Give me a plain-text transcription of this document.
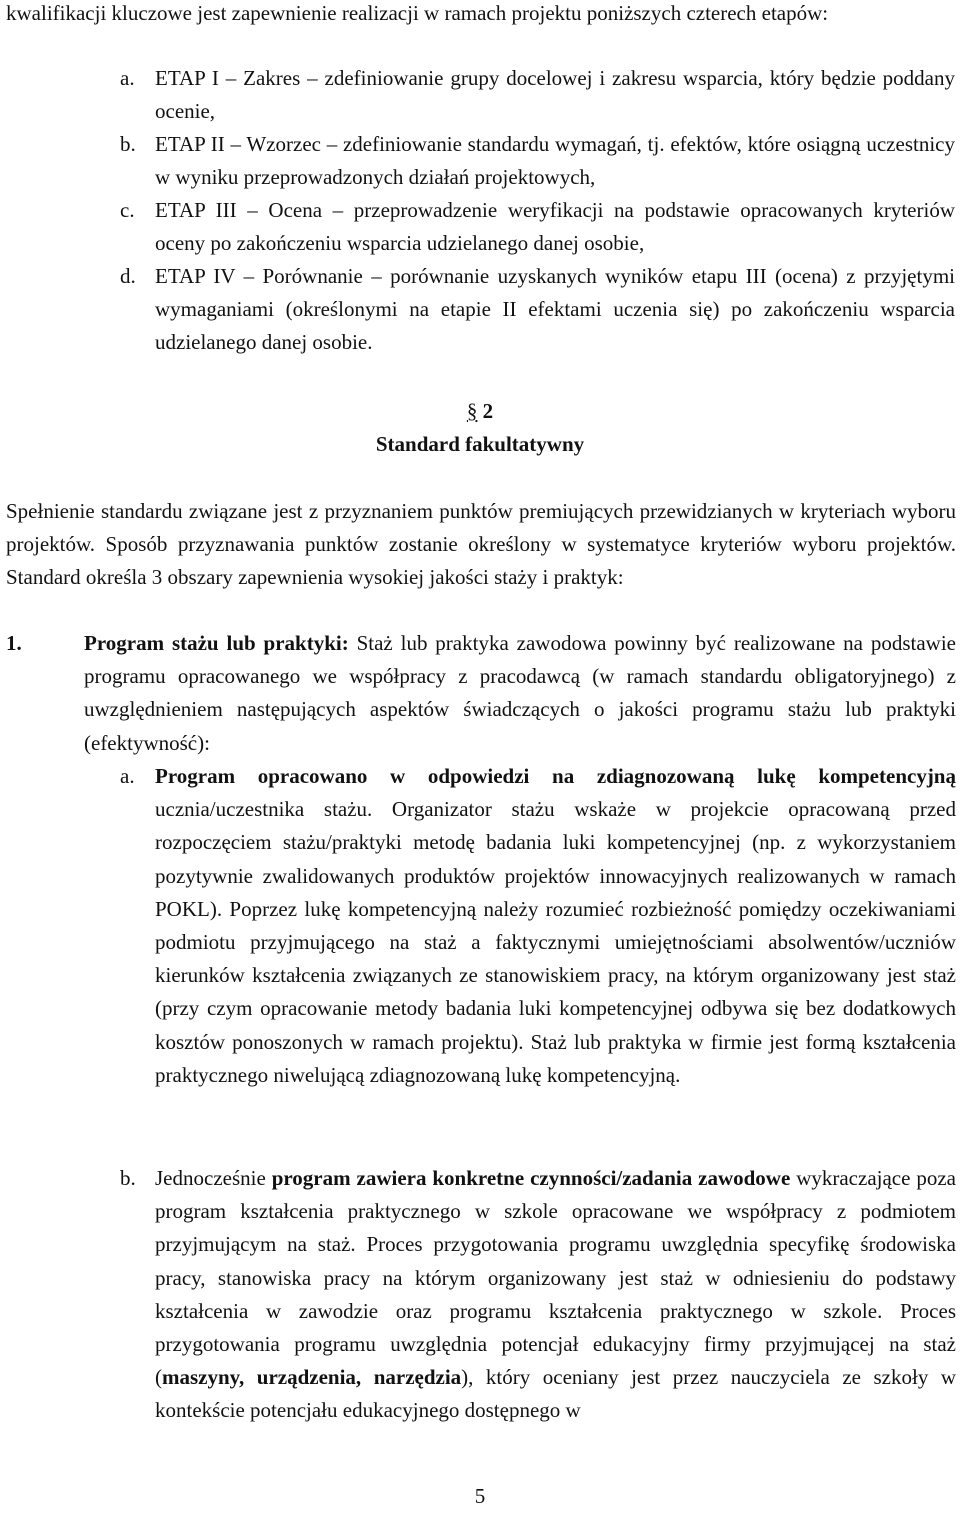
kwalifikacji kluczowe jest zapewnienie realizacji w ramach projektu poniższych czterech etapów:

a. ETAP I – Zakres – zdefiniowanie grupy docelowej i zakresu wsparcia, który będzie poddany ocenie,
b. ETAP II – Wzorzec – zdefiniowanie standardu wymagań, tj. efektów, które osiągną uczestnicy w wyniku przeprowadzonych działań projektowych,
c. ETAP III – Ocena – przeprowadzenie weryfikacji na podstawie opracowanych kryteriów oceny po zakończeniu wsparcia udzielanego danej osobie,
d. ETAP IV – Porównanie – porównanie uzyskanych wyników etapu III (ocena) z przyjętymi wymaganiami (określonymi na etapie II efektami uczenia się) po zakończeniu wsparcia udzielanego danej osobie.
§ 2
Standard fakultatywny

Spełnienie standardu związane jest z przyznaniem punktów premiujących przewidzianych w kryteriach wyboru projektów. Sposób przyznawania punktów zostanie określony w systematyce kryteriów wyboru projektów. Standard określa 3 obszary zapewnienia wysokiej jakości staży i praktyk:

1.	Program stażu lub praktyki: Staż lub praktyka zawodowa powinny być realizowane na podstawie programu opracowanego we współpracy z pracodawcą (w ramach standardu obligatoryjnego) z uwzględnieniem następujących aspektów świadczących o jakości programu stażu lub praktyki (efektywność):
a. Program opracowano w odpowiedzi na zdiagnozowaną lukę kompetencyjną ucznia/uczestnika stażu. Organizator stażu wskaże w projekcie opracowaną przed rozpoczęciem stażu/praktyki metodę badania luki kompetencyjnej (np. z wykorzystaniem pozytywnie zwalidowanych produktów projektów innowacyjnych realizowanych w ramach POKL). Poprzez lukę kompetencyjną należy rozumieć rozbieżność pomiędzy oczekiwaniami podmiotu przyjmującego na staż a faktycznymi umiejętnościami absolwentów/uczniów kierunków kształcenia związanych ze stanowiskiem pracy, na którym organizowany jest staż (przy czym opracowanie metody badania luki kompetencyjnej odbywa się bez dodatkowych kosztów ponoszonych w ramach projektu). Staż lub praktyka w firmie jest formą kształcenia praktycznego niwelującą zdiagnozowaną lukę kompetencyjną.
b. Jednocześnie program zawiera konkretne czynności/zadania zawodowe wykraczające poza program kształcenia praktycznego w szkole opracowane we współpracy z podmiotem przyjmującym na staż. Proces przygotowania programu uwzględnia specyfikę środowiska pracy, stanowiska pracy na którym organizowany jest staż w odniesieniu do podstawy kształcenia w zawodzie oraz programu kształcenia praktycznego w szkole. Proces przygotowania programu uwzględnia potencjał edukacyjny firmy przyjmującej na staż (maszyny, urządzenia, narzędzia), który oceniany jest przez nauczyciela ze szkoły w kontekście potencjału edukacyjnego dostępnego w
5
